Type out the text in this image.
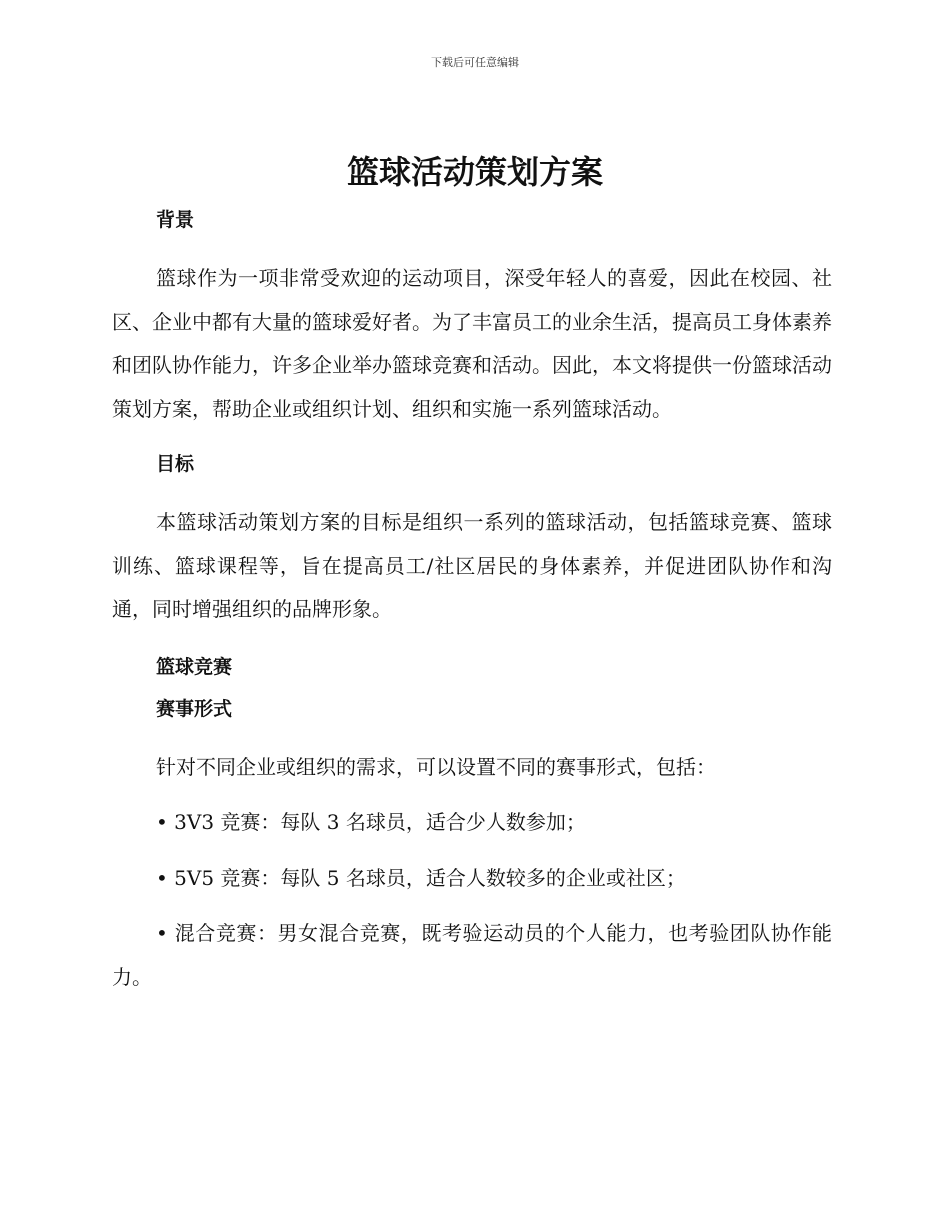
下载后可任意编辑
篮球活动策划方案
背景

篮球作为一项非常受欢迎的运动项目，深受年轻人的喜爱，因此在校园、社区、企业中都有大量的篮球爱好者。为了丰富员工的业余生活，提高员工身体素养和团队协作能力，许多企业举办篮球竞赛和活动。因此，本文将提供一份篮球活动策划方案，帮助企业或组织计划、组织和实施一系列篮球活动。

目标

本篮球活动策划方案的目标是组织一系列的篮球活动，包括篮球竞赛、篮球训练、篮球课程等，旨在提高员工/社区居民的身体素养，并促进团队协作和沟通，同时增强组织的品牌形象。

篮球竞赛
赛事形式

针对不同企业或组织的需求，可以设置不同的赛事形式，包括：

• 3V3 竞赛：每队 3 名球员，适合少人数参加；

• 5V5 竞赛：每队 5 名球员，适合人数较多的企业或社区；

• 混合竞赛：男女混合竞赛，既考验运动员的个人能力，也考验团队协作能力。
